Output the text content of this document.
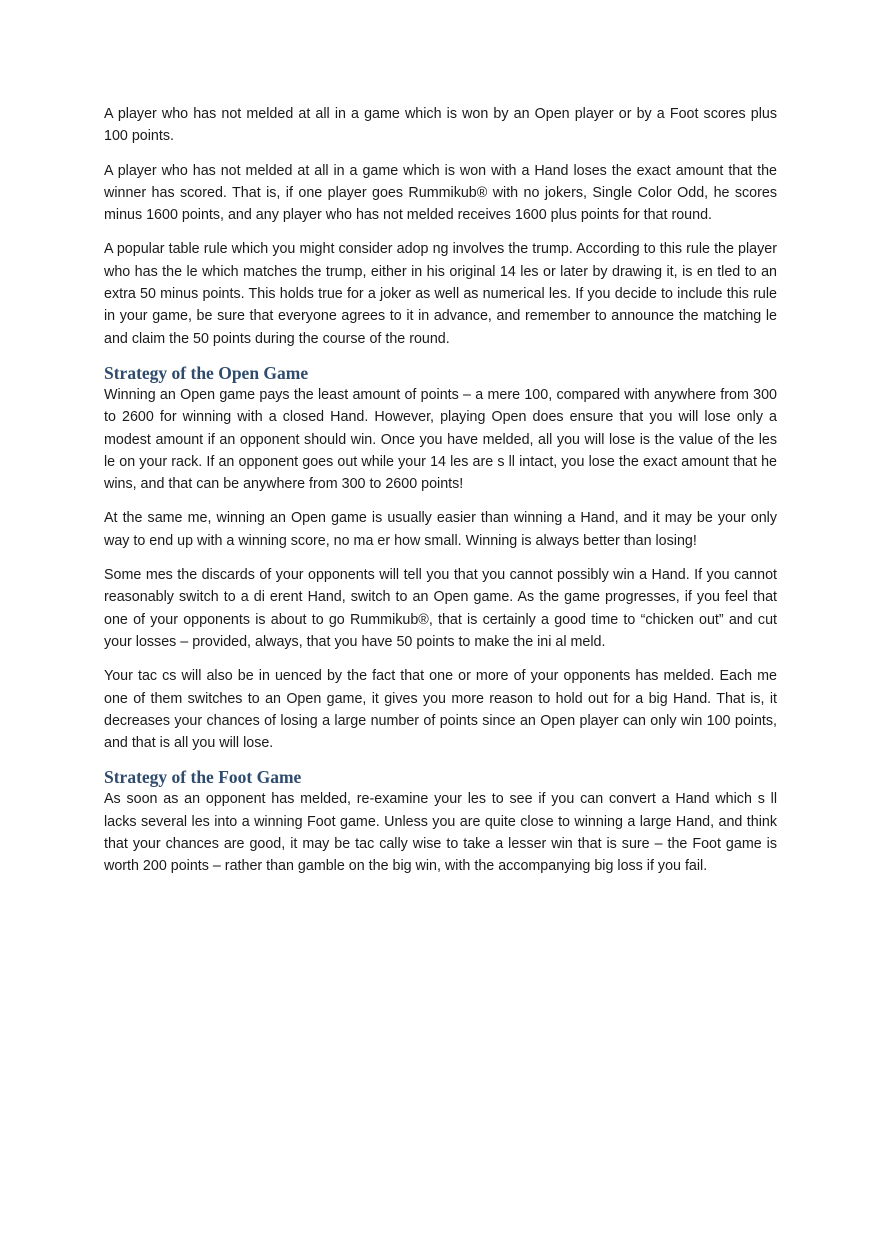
A player who has not melded at all in a game which is won by an Open player or by a Foot scores plus 100 points.

A player who has not melded at all in a game which is won with a Hand loses the exact amount that the winner has scored. That is, if one player goes Rummikub® with no jokers, Single Color Odd, he scores minus 1600 points, and any player who has not melded receives 1600 plus points for that round.

A popular table rule which you might consider adop ng involves the trump. According to this rule the player who has the le which matches the trump, either in his original 14 les or later by drawing it, is en tled to an extra 50 minus points. This holds true for a joker as well as numerical les. If you decide to include this rule in your game, be sure that everyone agrees to it in advance, and remember to announce the matching le and claim the 50 points during the course of the round.

Strategy of the Open Game

Winning an Open game pays the least amount of points – a mere 100, compared with anywhere from 300 to 2600 for winning with a closed Hand. However, playing Open does ensure that you will lose only a modest amount if an opponent should win. Once you have melded, all you will lose is the value of the les le on your rack. If an opponent goes out while your 14 les are s ll intact, you lose the exact amount that he wins, and that can be anywhere from 300 to 2600 points!

At the same me, winning an Open game is usually easier than winning a Hand, and it may be your only way to end up with a winning score, no ma er how small. Winning is always better than losing!

Some mes the discards of your opponents will tell you that you cannot possibly win a Hand. If you cannot reasonably switch to a di erent Hand, switch to an Open game. As the game progresses, if you feel that one of your opponents is about to go Rummikub®, that is certainly a good time to “chicken out” and cut your losses – provided, always, that you have 50 points to make the ini al meld.

Your tac cs will also be in uenced by the fact that one or more of your opponents has melded. Each me one of them switches to an Open game, it gives you more reason to hold out for a big Hand. That is, it decreases your chances of losing a large number of points since an Open player can only win 100 points, and that is all you will lose.

Strategy of the Foot Game

As soon as an opponent has melded, re-examine your les to see if you can convert a Hand which s ll lacks several les into a winning Foot game. Unless you are quite close to winning a large Hand, and think that your chances are good, it may be tac cally wise to take a lesser win that is sure – the Foot game is worth 200 points – rather than gamble on the big win, with the accompanying big loss if you fail.
